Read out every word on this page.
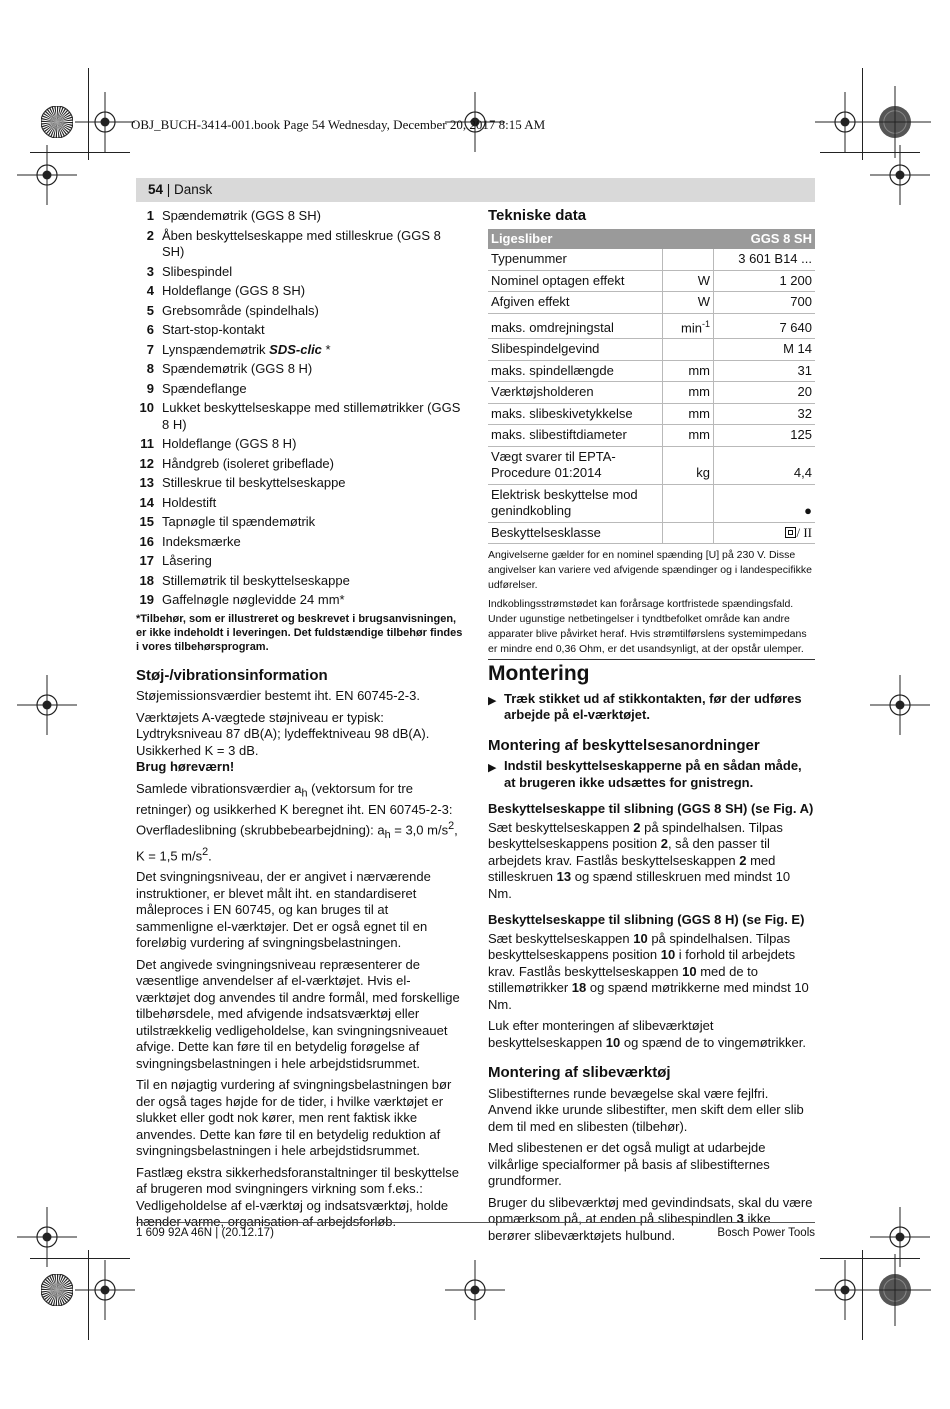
OBJ_BUCH-3414-001.book Page 54 Wednesday, December 20, 2017 8:15 AM
54 | Dansk
1 Spændemøtrik (GGS 8 SH)
2 Åben beskyttelseskappe med stilleskrue (GGS 8 SH)
3 Slibespindel
4 Holdeflange (GGS 8 SH)
5 Grebsområde (spindelhals)
6 Start-stop-kontakt
7 Lynspændemøtrik SDS-clic *
8 Spændemøtrik (GGS 8 H)
9 Spændeflange
10 Lukket beskyttelseskappe med stillemøtrikker (GGS 8 H)
11 Holdeflange (GGS 8 H)
12 Håndgreb (isoleret gribeflade)
13 Stilleskrue til beskyttelseskappe
14 Holdestift
15 Tapnøgle til spændemøtrik
16 Indeksmærke
17 Låsering
18 Stillemøtrik til beskyttelseskappe
19 Gaffelnøgle nøglevidde 24 mm*
*Tilbehør, som er illustreret og beskrevet i brugsanvisningen, er ikke indeholdt i leveringen. Det fuldstændige tilbehør findes i vores tilbehørsprogram.
Støj-/vibrationsinformation

Støjemissionsværdier bestemt iht. EN 60745-2-3.

Værktøjets A-vægtede støjniveau er typisk: Lydtryksniveau 87 dB(A); lydeffektniveau 98 dB(A). Usikkerhed K = 3 dB.
Brug høreværn!

Samlede vibrationsværdier $a_h$ (vektorsum for tre retninger) og usikkerhed K beregnet iht. EN 60745-2-3:
Overfladeslibning (skrubbebearbejdning): $a_h = 3,0$ $m/s^2$, K = 1,5 $m/s^2$.

Det svingningsniveau, der er angivet i nærværende instruktioner, er blevet målt iht. en standardiseret måleproces i EN 60745, og kan bruges til at sammenligne el-værktøjer. Det er også egnet til en foreløbig vurdering af svingningsbelastningen.

Det angivede svingningsniveau repræsenterer de væsentlige anvendelser af el-værktøjet. Hvis el-værktøjet dog anvendes til andre formål, med forskellige tilbehørsdele, med afvigende indsatsværktøj eller utilstrækkelig vedligeholdelse, kan svingningsniveauet afvige. Dette kan føre til en betydelig forøgelse af svingningsbelastningen i hele arbejdstidsrummet.

Til en nøjagtig vurdering af svingningsbelastningen bør der også tages højde for de tider, i hvilke værktøjet er slukket eller godt nok kører, men rent faktisk ikke anvendes. Dette kan føre til en betydelig reduktion af svingningsbelastningen i hele arbejdstidsrummet.

Fastlæg ekstra sikkerhedsforanstaltninger til beskyttelse af brugeren mod svingningers virkning som f.eks.: Vedligeholdelse af el-værktøj og indsatsværktøj, holde hænder varme, organisation af arbejdsforløb.

Tekniske data
Ligesliber	GGS 8 SH	
Typenummer		3 601 B14 ...
Nominel optagen effekt	W	1 200
Afgiven effekt	W	700
maks. omdrejningstal	$\min^{-1}$	7 640
Slibespindelgevind		M 14
maks. spindellængde	mm	31
Værktøjsholderen	mm	20
maks. slibeskivetykkelse	mm	32
maks. slibestiftdiameter	mm	125
Vægt svarer til EPTA-Procedure 01:2014	kg	4,4
Elektrisk beskyttelse mod genindkobling		●
Beskyttelsesklasse		/ II
Angivelserne gælder for en nominel spænding [U] på 230 V. Disse angivelser kan variere ved afvigende spændinger og i landespecifikke udførelser.
Indkoblingsstrømstødet kan forårsage kortfristede spændingsfald. Under ugunstige netbetingelser i tyndtbefolket område kan andre apparater blive påvirket heraf. Hvis strømtilførslens systemimpedans er mindre end 0,36 Ohm, er det usandsynligt, at der opstår ulemper.
Montering
▶ Træk stikket ud af stikkontakten, før der udføres arbejde på el-værktøjet.
Montering af beskyttelsesanordninger
▶ Indstil beskyttelseskapperne på en sådan måde, at brugeren ikke udsættes for gnistregn.
Beskyttelseskappe til slibning (GGS 8 SH) (se Fig. A)

Sæt beskyttelseskappen 2 på spindelhalsen. Tilpas beskyttelseskappens position 2, så den passer til arbejdets krav. Fastlås beskyttelseskappen 2 med stilleskruen 13 og spænd stilleskruen med mindst 10 Nm.

Beskyttelseskappe til slibning (GGS 8 H) (se Fig. E)

Sæt beskyttelseskappen 10 på spindelhalsen. Tilpas beskyttelseskappens position 10 i forhold til arbejdets krav. Fastlås beskyttelseskappen 10 med de to stillemøtrikker 18 og spænd møtrikkerne med mindst 10 Nm.

Luk efter monteringen af slibeværktøjet beskyttelseskappen 10 og spænd de to vingemøtrikker.

Montering af slibeværktøj

Slibestifternes runde bevægelse skal være fejlfri. Anvend ikke urunde slibestifter, men skift dem eller slib dem til med en slibesten (tilbehør).

Med slibestenen er det også muligt at udarbejde vilkårlige specialformer på basis af slibestifternes grundformer.

Bruger du slibeværktøj med gevindindsats, skal du være opmærksom på, at enden på slibespindlen 3 ikke berører slibeværktøjets hulbund.

1 609 92A 46N | (20.12.17)	Bosch Power Tools
